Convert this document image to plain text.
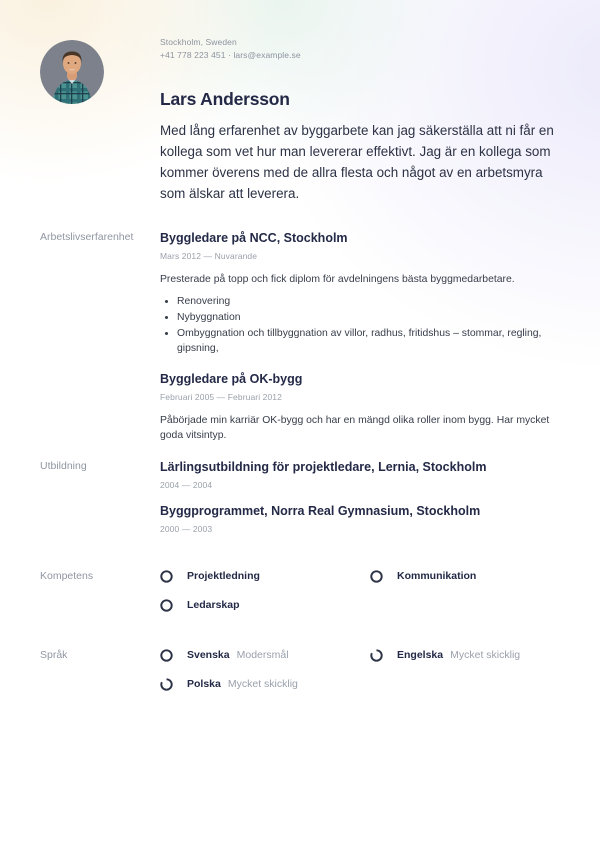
Stockholm, Sweden
+41 778 223 451 · lars@example.se
Lars Andersson

Med lång erfarenhet av byggarbete kan jag säkerställa att ni får en kollega som vet hur man levererar effektivt. Jag är en kollega som kommer överens med de allra flesta och något av en arbetsmyra som älskar att leverera.

Arbetslivserfarenhet	Byggledare på NCC, Stockholm
Mars 2012 — Nuvarande

Presterade på topp och fick diplom för avdelningens bästa byggmedarbetare.

• Renovering
• Nybyggnation
• Ombyggnation och tillbyggnation av villor, radhus, fritidshus – stommar, regling, gipsning,
Byggledare på OK-bygg
Februari 2005 — Februari 2012

Påbörjade min karriär OK-bygg och har en mängd olika roller inom bygg. Har mycket goda vitsintyp.

Utbildning	Lärlingsutbildning för projektledare, Lernia, Stockholm
2004 — 2004
Byggprogrammet, Norra Real Gymnasium, Stockholm
2000 — 2003
Kompetens	Projektledning	Kommunikation
Ledarskap
Språk	Svenska Modersmål	Engelska Mycket skicklig
Polska Mycket skicklig
